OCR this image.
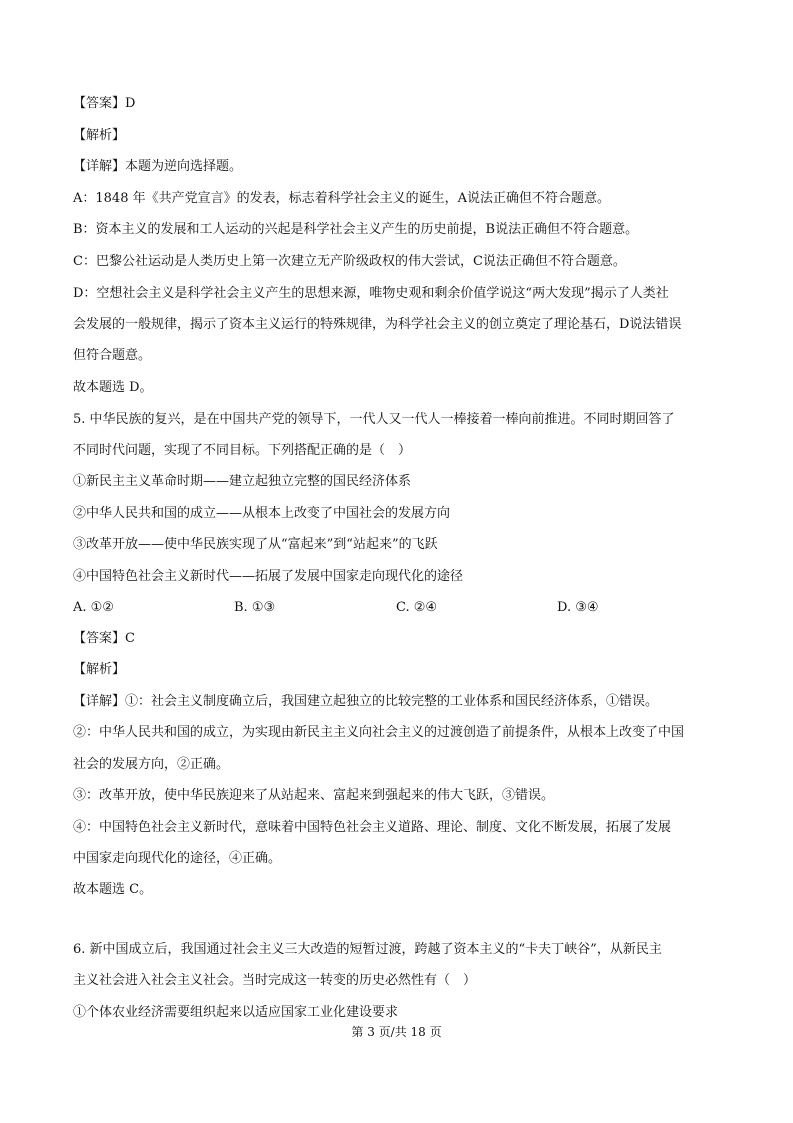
【答案】D
【解析】
【详解】本题为逆向选择题。
A：1848 年《共产党宣言》的发表，标志着科学社会主义的诞生，A说法正确但不符合题意。
B：资本主义的发展和工人运动的兴起是科学社会主义产生的历史前提，B说法正确但不符合题意。
C：巴黎公社运动是人类历史上第一次建立无产阶级政权的伟大尝试，C说法正确但不符合题意。
D：空想社会主义是科学社会主义产生的思想来源，唯物史观和剩余价值学说这“两大发现”揭示了人类社
会发展的一般规律，揭示了资本主义运行的特殊规律，为科学社会主义的创立奠定了理论基石，D说法错误
但符合题意。
故本题选 D。
5. 中华民族的复兴，是在中国共产党的领导下，一代人又一代人一棒接着一棒向前推进。不同时期回答了
不同时代问题，实现了不同目标。下列搭配正确的是（　）
①新民主主义革命时期——建立起独立完整的国民经济体系
②中华人民共和国的成立——从根本上改变了中国社会的发展方向
③改革开放——使中华民族实现了从“富起来”到“站起来”的飞跃
④中国特色社会主义新时代——拓展了发展中国家走向现代化的途径
A. ①②	B. ①③	C. ②④	D. ③④
【答案】C
【解析】
【详解】①：社会主义制度确立后，我国建立起独立的比较完整的工业体系和国民经济体系，①错误。
②：中华人民共和国的成立，为实现由新民主主义向社会主义的过渡创造了前提条件，从根本上改变了中国
社会的发展方向，②正确。
③：改革开放，使中华民族迎来了从站起来、富起来到强起来的伟大飞跃，③错误。
④：中国特色社会主义新时代，意味着中国特色社会主义道路、理论、制度、文化不断发展，拓展了发展
中国家走向现代化的途径，④正确。
故本题选 C。
6. 新中国成立后，我国通过社会主义三大改造的短暂过渡，跨越了资本主义的“卡夫丁峡谷”，从新民主
主义社会进入社会主义社会。当时完成这一转变的历史必然性有（　）
①个体农业经济需要组织起来以适应国家工业化建设要求
第 3 页/共 18 页
